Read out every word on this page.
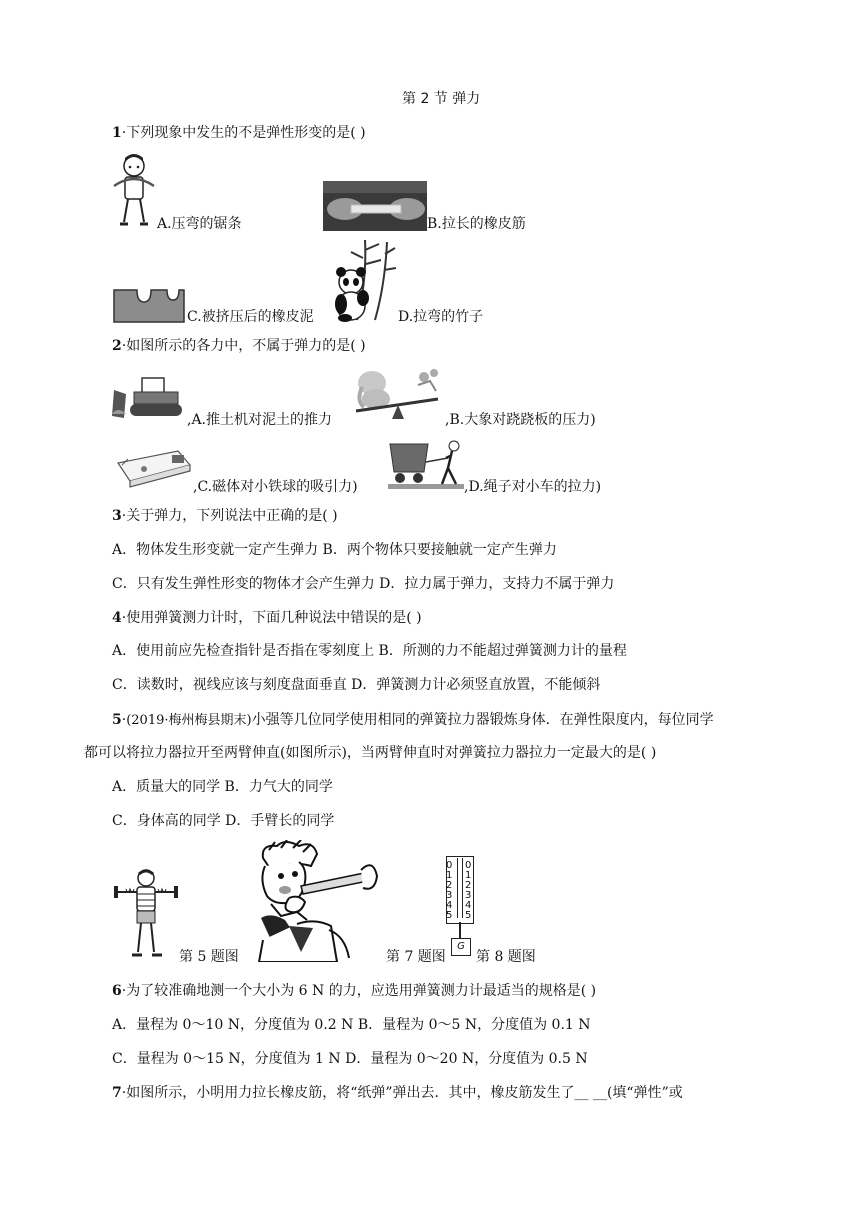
第 2 节 弹力
1·下列现象中发生的不是弹性形变的是( )
A.压弯的锯条	B.拉长的橡皮筋
C.被挤压后的橡皮泥	D.拉弯的竹子
2·如图所示的各力中，不属于弹力的是( )
,A.推土机对泥土的推力	,B.大象对跷跷板的压力)
,C.磁体对小铁球的吸引力)	,D.绳子对小车的拉力)
3·关于弹力，下列说法中正确的是( )
A．物体发生形变就一定产生弹力 B．两个物体只要接触就一定产生弹力
C．只有发生弹性形变的物体才会产生弹力 D．拉力属于弹力，支持力不属于弹力
4·使用弹簧测力计时，下面几种说法中错误的是( )
A．使用前应先检查指针是否指在零刻度上 B．所测的力不能超过弹簧测力计的量程
C．读数时，视线应该与刻度盘面垂直 D．弹簧测力计必须竖直放置，不能倾斜
5·(2019·梅州梅县期末)小强等几位同学使用相同的弹簧拉力器锻炼身体．在弹性限度内，每位同学
都可以将拉力器拉开至两臂伸直(如图所示)，当两臂伸直时对弹簧拉力器拉力一定最大的是( )
A．质量大的同学 B．力气大的同学
C．身体高的同学 D．手臂长的同学
第 5 题图	第 7 题图
0
1
2
3
4
5
0
1
2
3
4
5
G
第 8 题图
6·为了较准确地测一个大小为 6 N 的力，应选用弹簧测力计最适当的规格是( )
A．量程为 0～10 N，分度值为 0.2 N B．量程为 0～5 N，分度值为 0.1 N
C．量程为 0～15 N，分度值为 1 N D．量程为 0～20 N，分度值为 0.5 N
7·如图所示，小明用力拉长橡皮筋，将“纸弹”弹出去．其中，橡皮筋发生了__ __(填“弹性”或
